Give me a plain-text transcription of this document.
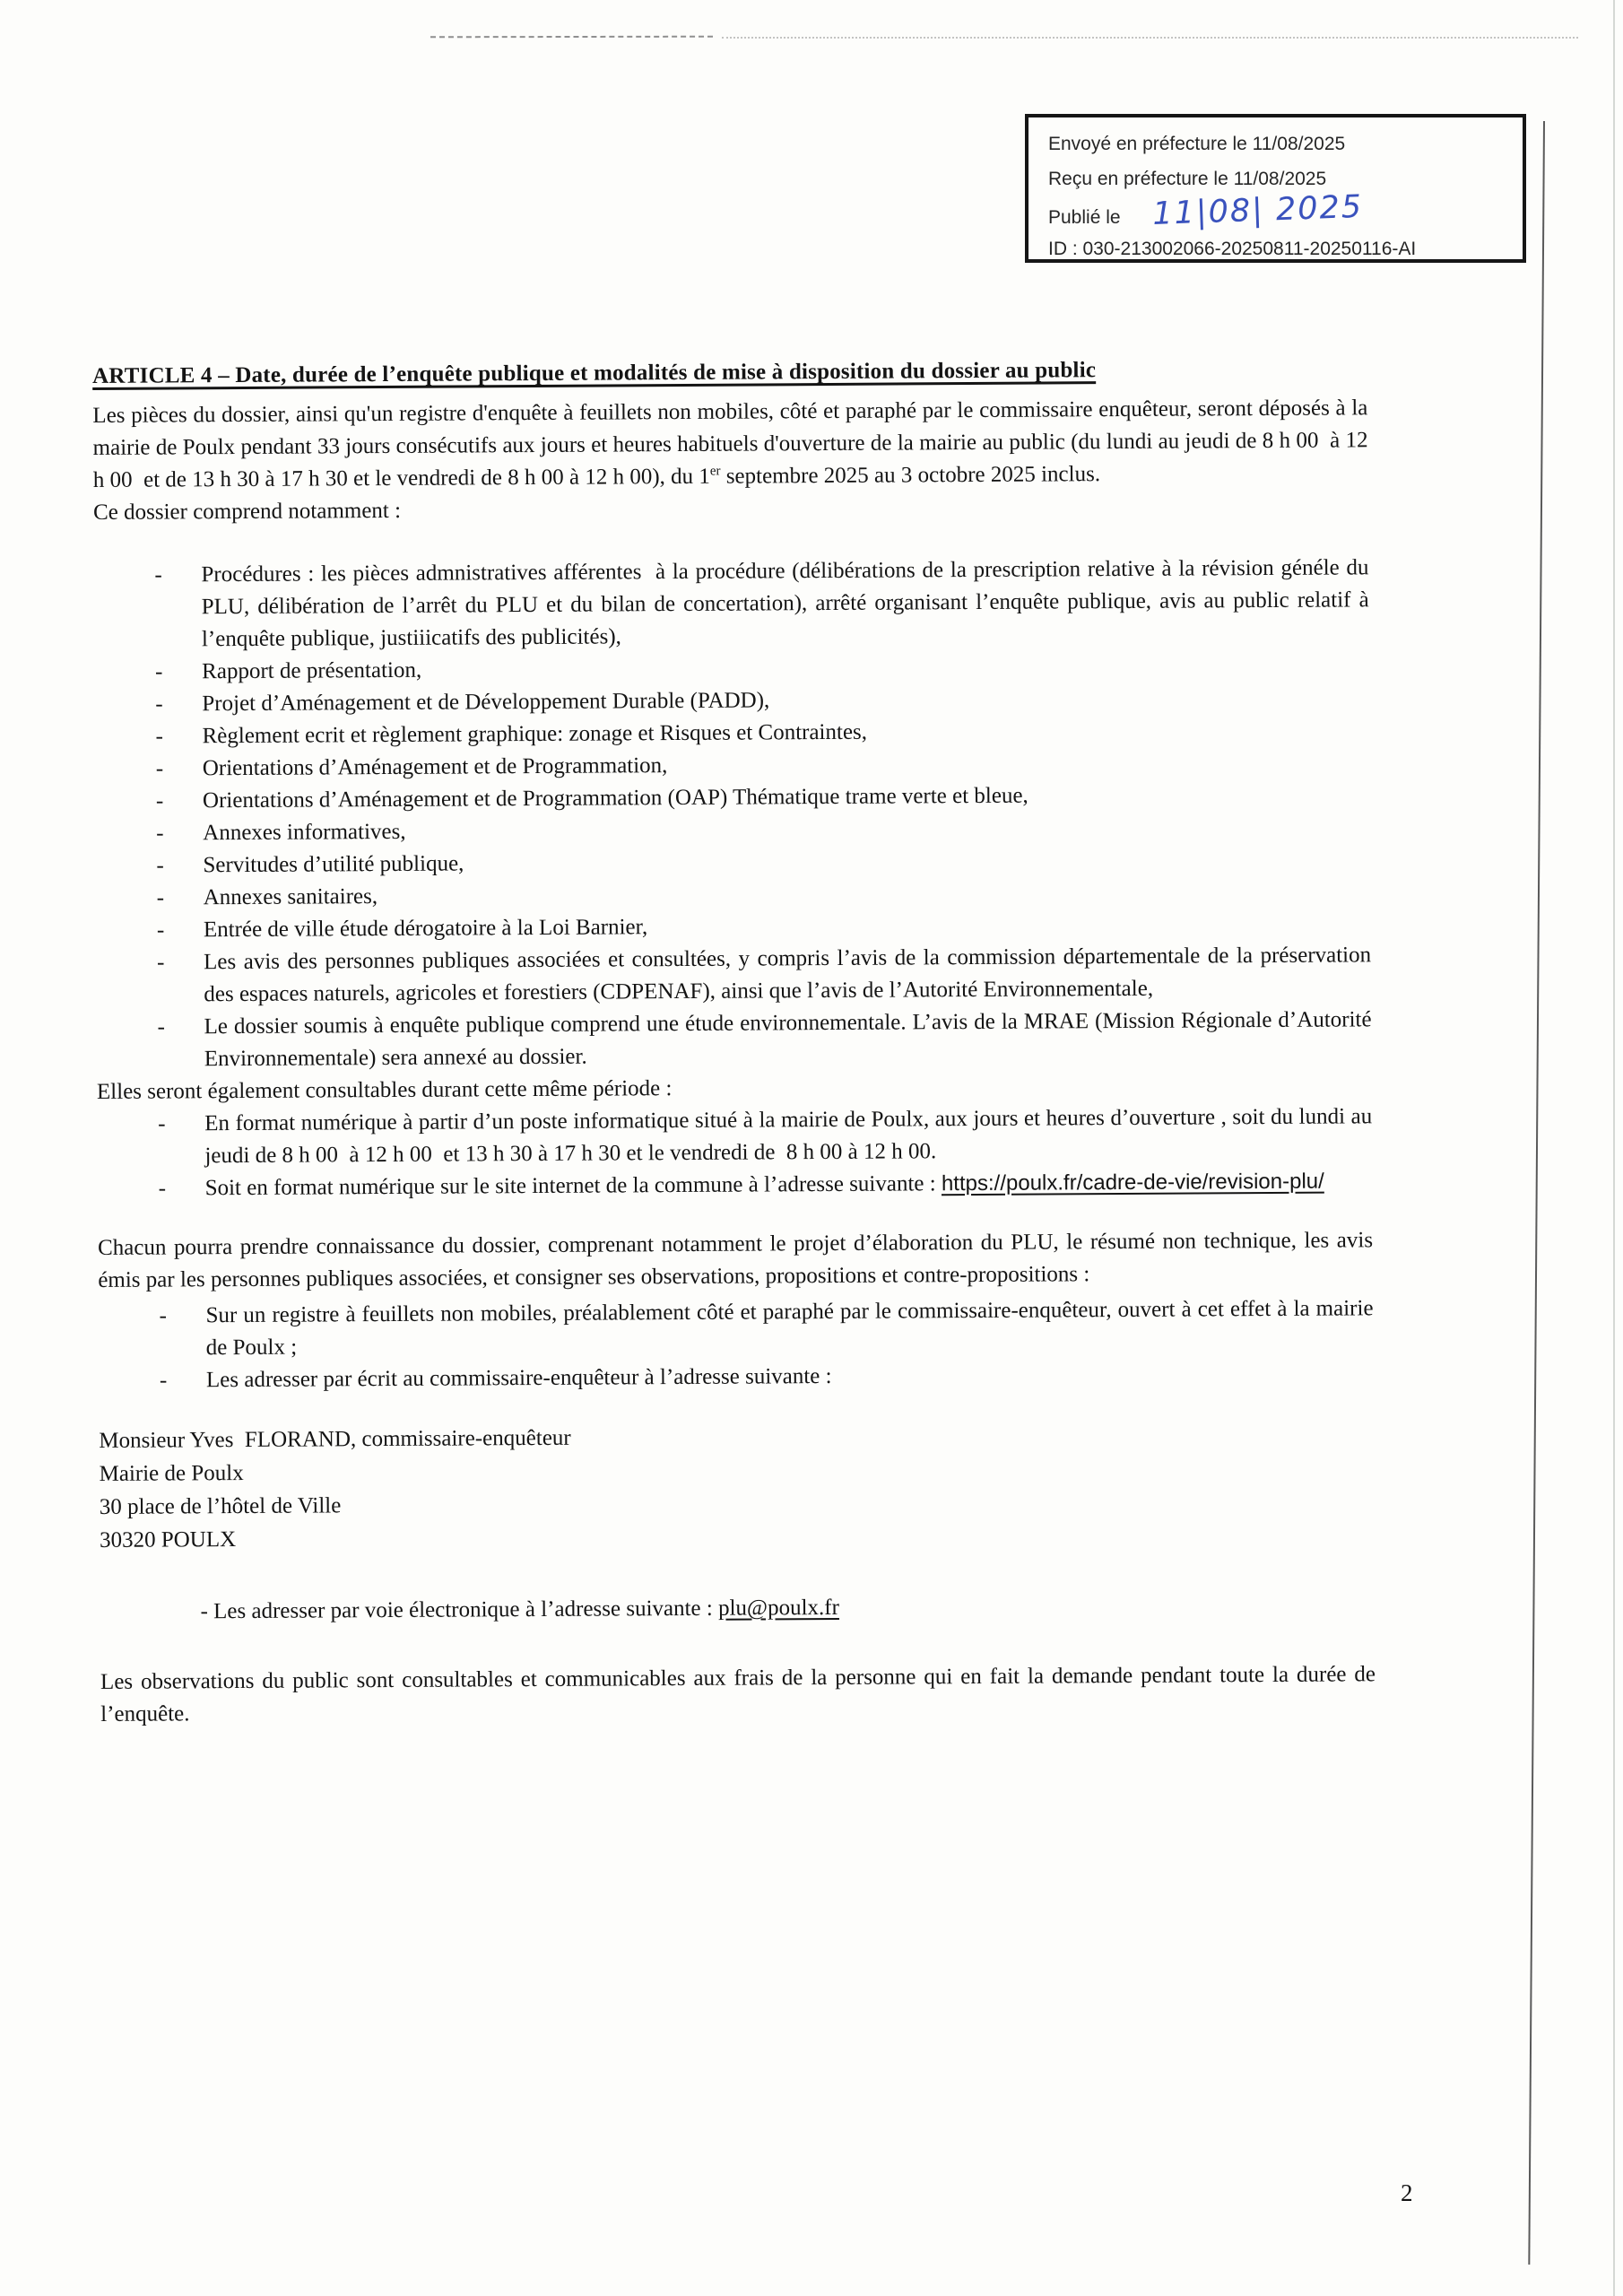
Envoyé en préfecture le 11/08/2025
Reçu en préfecture le 11/08/2025
Publié le 11|08| 2025
ID : 030-213002066-20250811-20250116-AI
ARTICLE 4 – Date, durée de l’enquête publique et modalités de mise à disposition du dossier au public

Les pièces du dossier, ainsi qu'un registre d'enquête à feuillets non mobiles, côté et paraphé par le commissaire enquêteur, seront déposés à la mairie de Poulx pendant 33 jours consécutifs aux jours et heures habituels d'ouverture de la mairie au public (du lundi au jeudi de 8 h 00  à 12 h 00  et de 13 h 30 à 17 h 30 et le vendredi de 8 h 00 à 12 h 00), du 1er septembre 2025 au 3 octobre 2025 inclus.

Ce dossier comprend notamment :

-	Procédures : les pièces admnistratives afférentes  à la procédure (délibérations de la prescription relative à la révision généle du PLU, délibération de l’arrêt du PLU et du bilan de concertation), arrêté organisant l’enquête publique, avis au public relatif à l’enquête publique, justiiicatifs des publicités),
-	Rapport de présentation,
-	Projet d’Aménagement et de Développement Durable (PADD),
-	Règlement ecrit et règlement graphique: zonage et Risques et Contraintes,
-	Orientations d’Aménagement et de Programmation,
-	Orientations d’Aménagement et de Programmation (OAP) Thématique trame verte et bleue,
-	Annexes informatives,
-	Servitudes d’utilité publique,
-	Annexes sanitaires,
-	Entrée de ville étude dérogatoire à la Loi Barnier,
-	Les avis des personnes publiques associées et consultées, y compris l’avis de la commission départementale de la préservation des espaces naturels, agricoles et forestiers (CDPENAF), ainsi que l’avis de l’Autorité Environnementale,
-	Le dossier soumis à enquête publique comprend une étude environnementale. L’avis de la MRAE (Mission Régionale d’Autorité Environnementale) sera annexé au dossier.

Elles seront également consultables durant cette même période :

-	En format numérique à partir d’un poste informatique situé à la mairie de Poulx, aux jours et heures d’ouverture , soit du lundi au jeudi de 8 h 00  à 12 h 00  et 13 h 30 à 17 h 30 et le vendredi de  8 h 00 à 12 h 00.
-	Soit en format numérique sur le site internet de la commune à l’adresse suivante : https://poulx.fr/cadre-de-vie/revision-plu/

Chacun pourra prendre connaissance du dossier, comprenant notamment le projet d’élaboration du PLU, le résumé non technique, les avis émis par les personnes publiques associées, et consigner ses observations, propositions et contre-propositions :

-	Sur un registre à feuillets non mobiles, préalablement côté et paraphé par le commissaire-enquêteur, ouvert à cet effet à la mairie de Poulx ;
-	Les adresser par écrit au commissaire-enquêteur à l’adresse suivante :
Monsieur Yves  FLORAND, commissaire-enquêteur
Mairie de Poulx
30 place de l’hôtel de Ville
30320 POULX

- Les adresser par voie électronique à l’adresse suivante : plu@poulx.fr

Les observations du public sont consultables et communicables aux frais de la personne qui en fait la demande pendant toute la durée de l’enquête.

2
